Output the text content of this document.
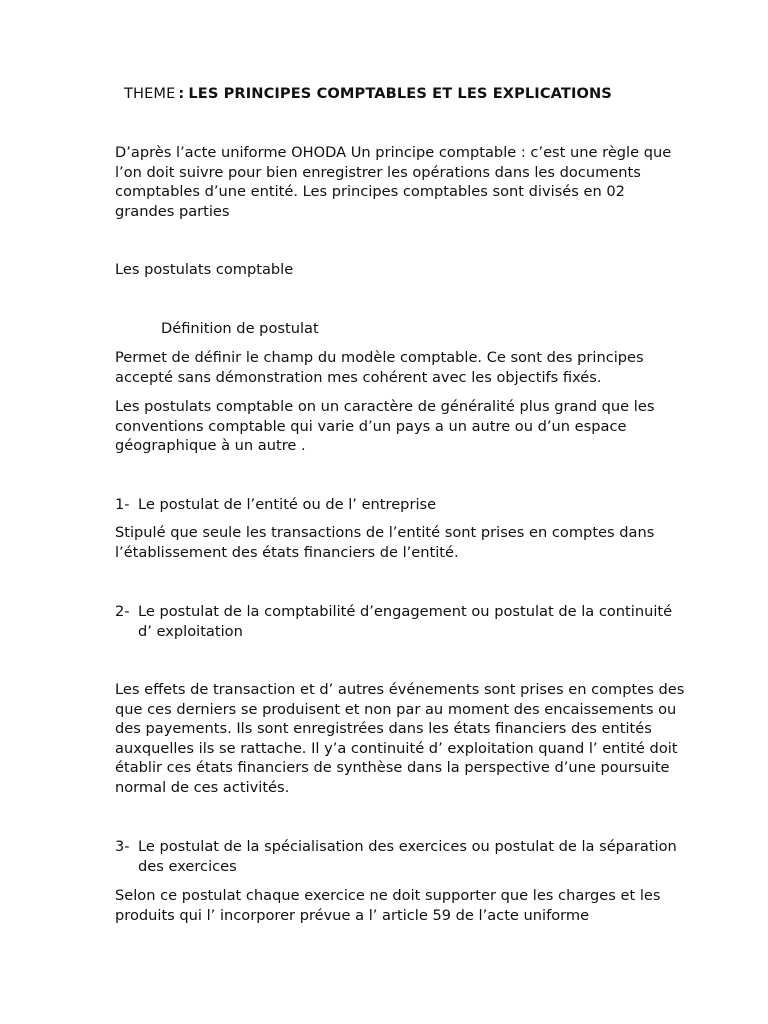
THEME : LES PRINCIPES COMPTABLES ET LES EXPLICATIONS

D’après l’acte uniforme OHODA Un principe comptable : c’est une règle que l’on doit suivre pour bien enregistrer les opérations dans les documents comptables d’une entité. Les principes comptables sont divisés en 02 grandes parties

Les postulats comptable

Définition de postulat

Permet de définir le champ du modèle comptable. Ce sont des principes accepté sans démonstration mes cohérent avec les objectifs fixés.

Les postulats comptable on un caractère de généralité plus grand que les conventions comptable qui varie d’un pays a un autre ou d’un espace géographique à un autre .

1- Le postulat de l’entité ou de l’ entreprise

Stipulé que seule les transactions de l’entité sont prises en comptes dans l’établissement des états financiers de l’entité.

2- Le postulat de la comptabilité d’engagement ou postulat de la continuité d’ exploitation

Les effets de transaction et d’ autres événements sont prises en comptes des que ces derniers se produisent et non par au moment des encaissements ou des payements. Ils sont enregistrées dans les états financiers des entités auxquelles ils se rattache. Il y’a continuité d’ exploitation quand l’ entité doit établir ces états financiers de synthèse dans la perspective d’une poursuite normal de ces activités.

3- Le postulat de la spécialisation des exercices ou postulat de la séparation des exercices

Selon ce postulat chaque exercice ne doit supporter que les charges et les produits qui l’ incorporer prévue a l’ article 59 de l’acte uniforme
